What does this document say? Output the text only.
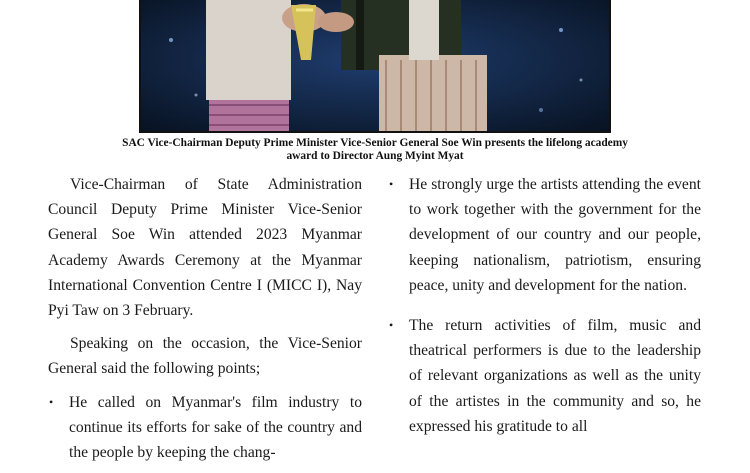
SAC Vice-Chairman Deputy Prime Minister Vice-Senior General Soe Win presents the lifelong academy
award to Director Aung Myint Myat

Vice-Chairman of State Administration Council Deputy Prime Minister Vice-Senior General Soe Win attended 2023 Myanmar Academy Awards Ceremony at the Myanmar International Convention Centre I (MICC I), Nay Pyi Taw on 3 February.

Speaking on the occasion, the Vice-Senior General said the following points;

• He called on Myanmar's film industry to continue its efforts for sake of the country and the people by keeping the chang-
• He strongly urge the artists attending the event to work together with the government for the development of our country and our people, keeping nationalism, patriotism, ensuring peace, unity and development for the nation.
• The return activities of film, music and theatrical performers is due to the leadership of relevant organizations as well as the unity of the artistes in the community and so, he expressed his gratitude to all
